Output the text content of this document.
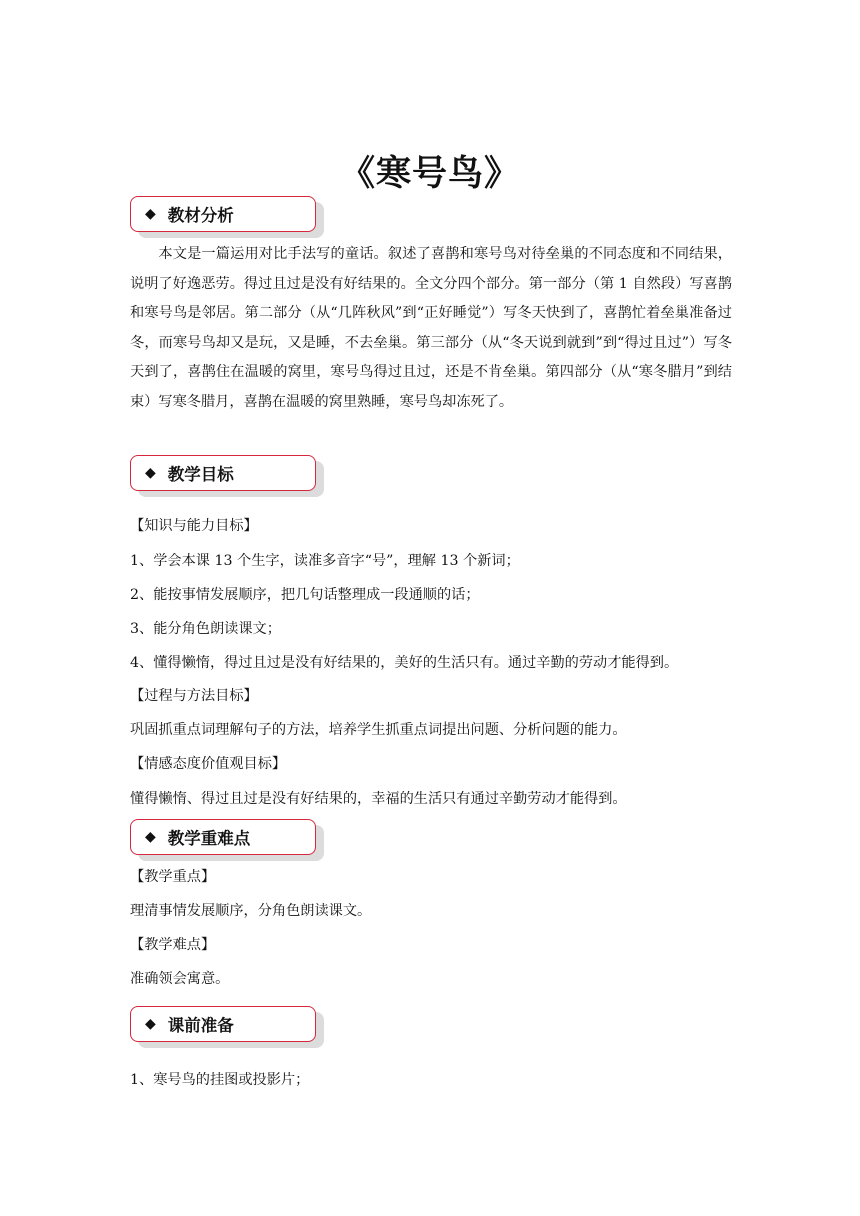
《寒号鸟》
◆ 教材分析
本文是一篇运用对比手法写的童话。叙述了喜鹊和寒号鸟对待垒巢的不同态度和不同结果，说明了好逸恶劳。得过且过是没有好结果的。全文分四个部分。第一部分（第 1 自然段）写喜鹊和寒号鸟是邻居。第二部分（从“几阵秋风”到“正好睡觉”）写冬天快到了，喜鹊忙着垒巢准备过冬，而寒号鸟却又是玩，又是睡，不去垒巢。第三部分（从“冬天说到就到”到“得过且过”）写冬天到了，喜鹊住在温暖的窝里，寒号鸟得过且过，还是不肯垒巢。第四部分（从“寒冬腊月”到结束）写寒冬腊月，喜鹊在温暖的窝里熟睡，寒号鸟却冻死了。
◆ 教学目标
【知识与能力目标】
1、学会本课 13 个生字，读准多音字“号”，理解 13 个新词；
2、能按事情发展顺序，把几句话整理成一段通顺的话；
3、能分角色朗读课文；
4、懂得懒惰，得过且过是没有好结果的，美好的生活只有。通过辛勤的劳动才能得到。
【过程与方法目标】
巩固抓重点词理解句子的方法，培养学生抓重点词提出问题、分析问题的能力。
【情感态度价值观目标】
懂得懒惰、得过且过是没有好结果的，幸福的生活只有通过辛勤劳动才能得到。
◆ 教学重难点
【教学重点】
理清事情发展顺序，分角色朗读课文。
【教学难点】
准确领会寓意。
◆ 课前准备
1、寒号鸟的挂图或投影片；
